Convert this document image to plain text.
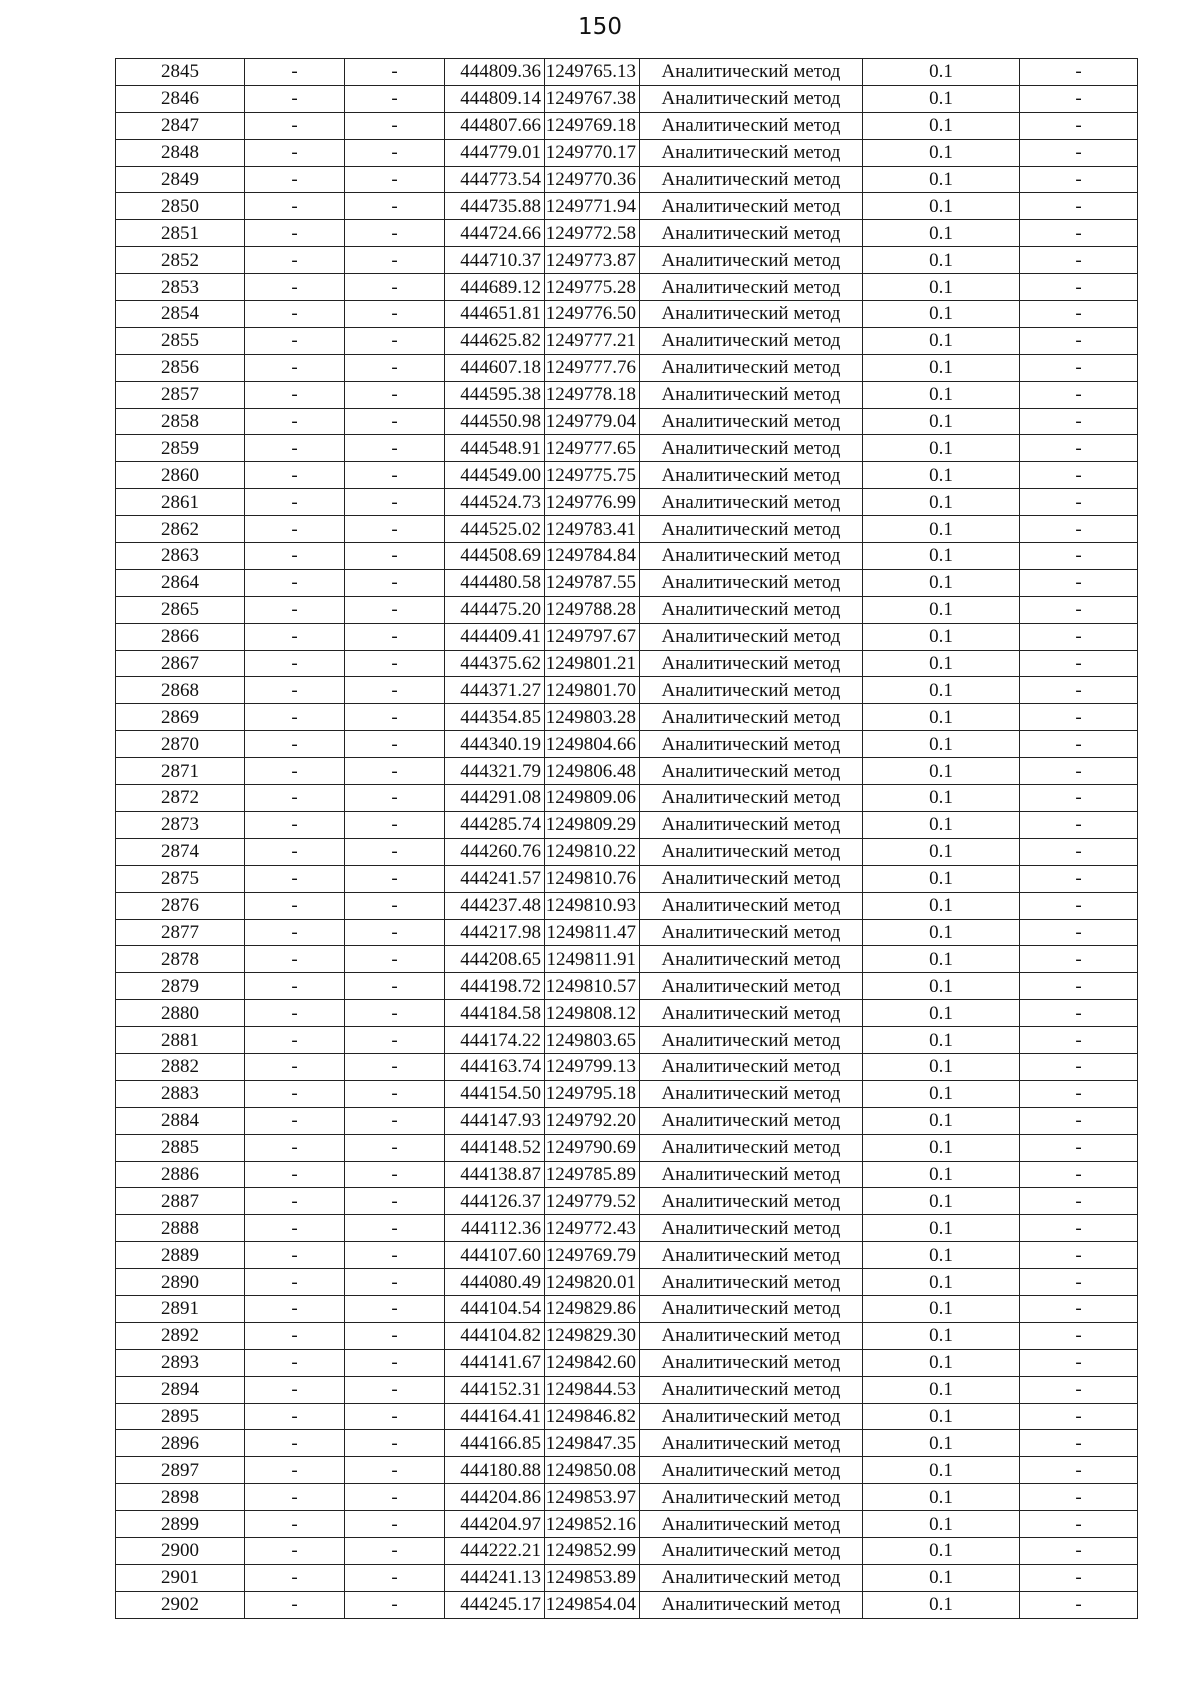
150
2845	-	-	444809.36	1249765.13	Аналитический метод	0.1	-
2846	-	-	444809.14	1249767.38	Аналитический метод	0.1	-
2847	-	-	444807.66	1249769.18	Аналитический метод	0.1	-
2848	-	-	444779.01	1249770.17	Аналитический метод	0.1	-
2849	-	-	444773.54	1249770.36	Аналитический метод	0.1	-
2850	-	-	444735.88	1249771.94	Аналитический метод	0.1	-
2851	-	-	444724.66	1249772.58	Аналитический метод	0.1	-
2852	-	-	444710.37	1249773.87	Аналитический метод	0.1	-
2853	-	-	444689.12	1249775.28	Аналитический метод	0.1	-
2854	-	-	444651.81	1249776.50	Аналитический метод	0.1	-
2855	-	-	444625.82	1249777.21	Аналитический метод	0.1	-
2856	-	-	444607.18	1249777.76	Аналитический метод	0.1	-
2857	-	-	444595.38	1249778.18	Аналитический метод	0.1	-
2858	-	-	444550.98	1249779.04	Аналитический метод	0.1	-
2859	-	-	444548.91	1249777.65	Аналитический метод	0.1	-
2860	-	-	444549.00	1249775.75	Аналитический метод	0.1	-
2861	-	-	444524.73	1249776.99	Аналитический метод	0.1	-
2862	-	-	444525.02	1249783.41	Аналитический метод	0.1	-
2863	-	-	444508.69	1249784.84	Аналитический метод	0.1	-
2864	-	-	444480.58	1249787.55	Аналитический метод	0.1	-
2865	-	-	444475.20	1249788.28	Аналитический метод	0.1	-
2866	-	-	444409.41	1249797.67	Аналитический метод	0.1	-
2867	-	-	444375.62	1249801.21	Аналитический метод	0.1	-
2868	-	-	444371.27	1249801.70	Аналитический метод	0.1	-
2869	-	-	444354.85	1249803.28	Аналитический метод	0.1	-
2870	-	-	444340.19	1249804.66	Аналитический метод	0.1	-
2871	-	-	444321.79	1249806.48	Аналитический метод	0.1	-
2872	-	-	444291.08	1249809.06	Аналитический метод	0.1	-
2873	-	-	444285.74	1249809.29	Аналитический метод	0.1	-
2874	-	-	444260.76	1249810.22	Аналитический метод	0.1	-
2875	-	-	444241.57	1249810.76	Аналитический метод	0.1	-
2876	-	-	444237.48	1249810.93	Аналитический метод	0.1	-
2877	-	-	444217.98	1249811.47	Аналитический метод	0.1	-
2878	-	-	444208.65	1249811.91	Аналитический метод	0.1	-
2879	-	-	444198.72	1249810.57	Аналитический метод	0.1	-
2880	-	-	444184.58	1249808.12	Аналитический метод	0.1	-
2881	-	-	444174.22	1249803.65	Аналитический метод	0.1	-
2882	-	-	444163.74	1249799.13	Аналитический метод	0.1	-
2883	-	-	444154.50	1249795.18	Аналитический метод	0.1	-
2884	-	-	444147.93	1249792.20	Аналитический метод	0.1	-
2885	-	-	444148.52	1249790.69	Аналитический метод	0.1	-
2886	-	-	444138.87	1249785.89	Аналитический метод	0.1	-
2887	-	-	444126.37	1249779.52	Аналитический метод	0.1	-
2888	-	-	444112.36	1249772.43	Аналитический метод	0.1	-
2889	-	-	444107.60	1249769.79	Аналитический метод	0.1	-
2890	-	-	444080.49	1249820.01	Аналитический метод	0.1	-
2891	-	-	444104.54	1249829.86	Аналитический метод	0.1	-
2892	-	-	444104.82	1249829.30	Аналитический метод	0.1	-
2893	-	-	444141.67	1249842.60	Аналитический метод	0.1	-
2894	-	-	444152.31	1249844.53	Аналитический метод	0.1	-
2895	-	-	444164.41	1249846.82	Аналитический метод	0.1	-
2896	-	-	444166.85	1249847.35	Аналитический метод	0.1	-
2897	-	-	444180.88	1249850.08	Аналитический метод	0.1	-
2898	-	-	444204.86	1249853.97	Аналитический метод	0.1	-
2899	-	-	444204.97	1249852.16	Аналитический метод	0.1	-
2900	-	-	444222.21	1249852.99	Аналитический метод	0.1	-
2901	-	-	444241.13	1249853.89	Аналитический метод	0.1	-
2902	-	-	444245.17	1249854.04	Аналитический метод	0.1	-
